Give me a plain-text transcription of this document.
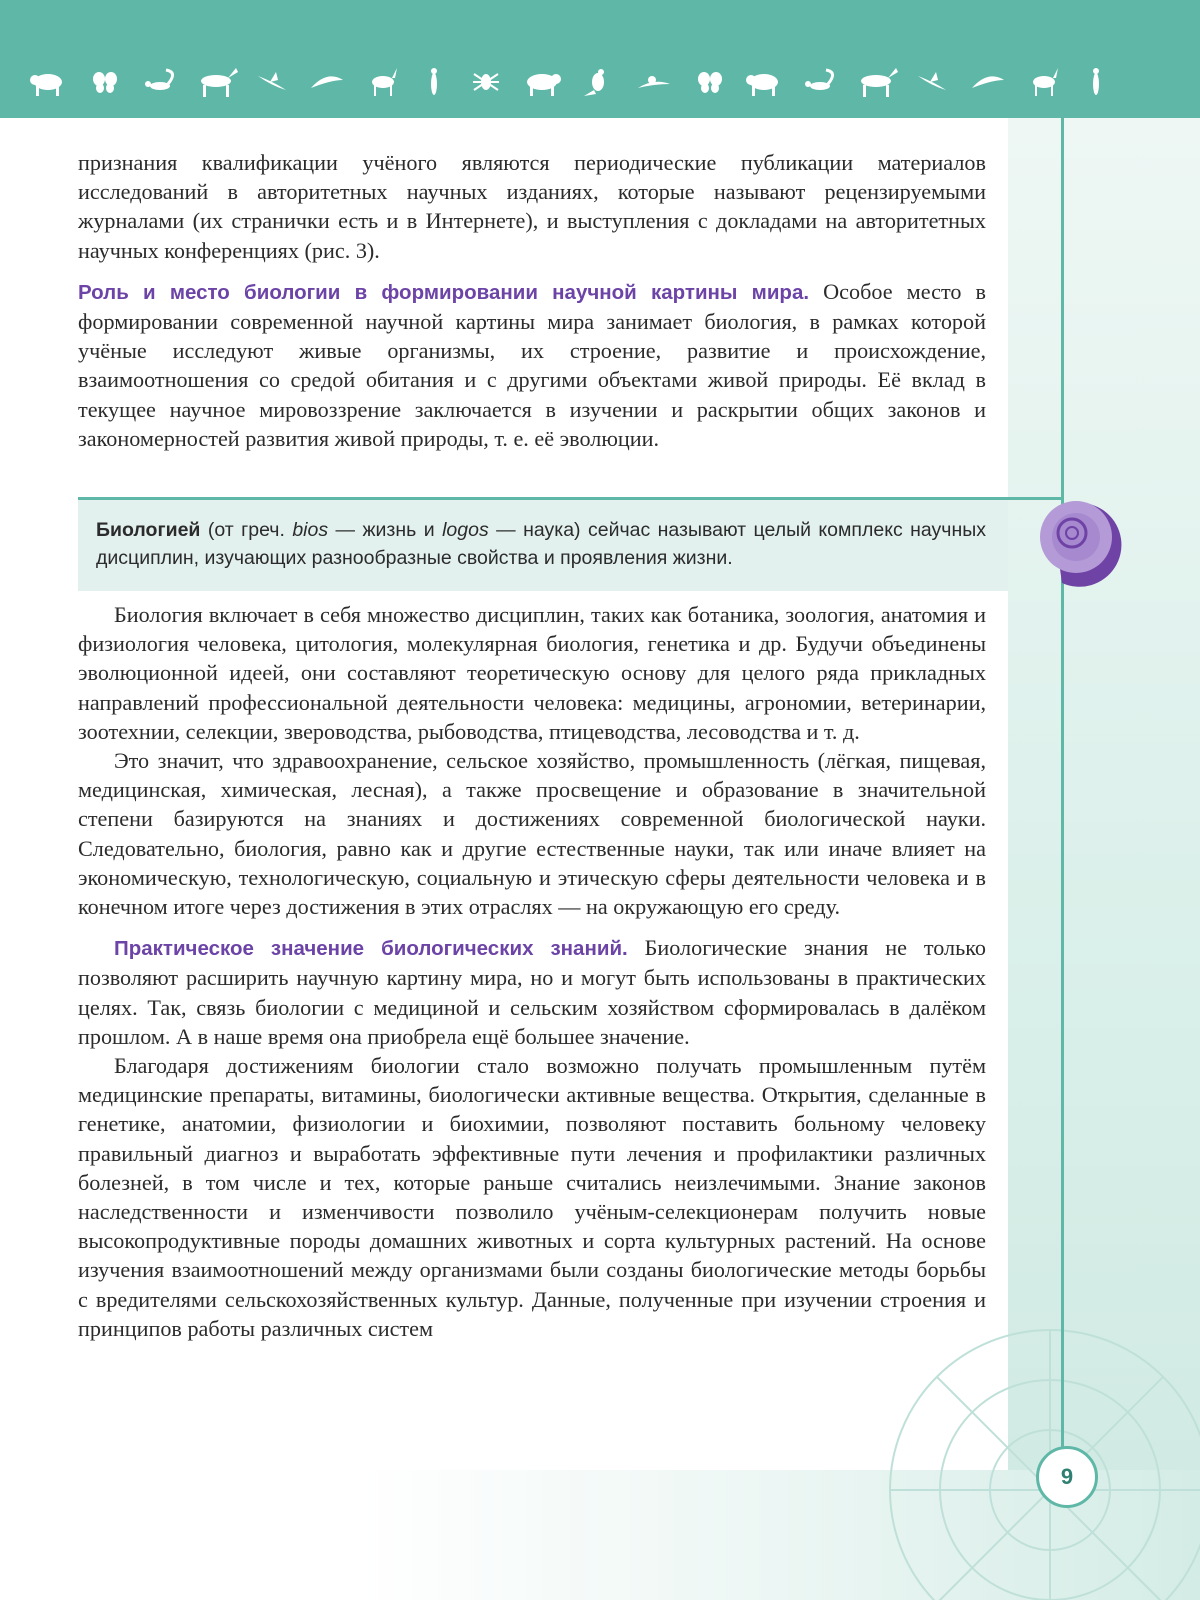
признания квалификации учёного являются периодические публикации материалов исследований в авторитетных научных изданиях, которые называют рецензируемыми журналами (их странички есть и в Интернете), и выступления с докладами на авторитетных научных конференциях (рис. 3).

Роль и место биологии в формировании научной картины мира. Особое место в формировании современной научной картины мира занимает биология, в рамках которой учёные исследуют живые организмы, их строение, развитие и происхождение, взаимоотношения со средой обитания и с другими объектами живой природы. Её вклад в текущее научное мировоззрение заключается в изучении и раскрытии общих законов и закономерностей развития живой природы, т. е. её эволюции.

Биологией (от греч. bios — жизнь и logos — наука) сейчас называют целый комплекс научных дисциплин, изучающих разнообразные свойства и проявления жизни.

Биология включает в себя множество дисциплин, таких как ботаника, зоология, анатомия и физиология человека, цитология, молекулярная биология, генетика и др. Будучи объединены эволюционной идеей, они составляют теоретическую основу для целого ряда прикладных направлений профессиональной деятельности человека: медицины, агрономии, ветеринарии, зоотехнии, селекции, звероводства, рыбоводства, птицеводства, лесоводства и т. д.

Это значит, что здравоохранение, сельское хозяйство, промышленность (лёгкая, пищевая, медицинская, химическая, лесная), а также просвещение и образование в значительной степени базируются на знаниях и достижениях современной биологической науки. Следовательно, биология, равно как и другие естественные науки, так или иначе влияет на экономическую, технологическую, социальную и этическую сферы деятельности человека и в конечном итоге через достижения в этих отраслях — на окружающую его среду.

Практическое значение биологических знаний. Биологические знания не только позволяют расширить научную картину мира, но и могут быть использованы в практических целях. Так, связь биологии с медициной и сельским хозяйством сформировалась в далёком прошлом. А в наше время она приобрела ещё большее значение.

Благодаря достижениям биологии стало возможно получать промышленным путём медицинские препараты, витамины, биологически активные вещества. Открытия, сделанные в генетике, анатомии, физиологии и биохимии, позволяют поставить больному человеку правильный диагноз и выработать эффективные пути лечения и профилактики различных болезней, в том числе и тех, которые раньше считались неизлечимыми. Знание законов наследственности и изменчивости позволило учёным-селекционерам получить новые высокопродуктивные породы домашних животных и сорта культурных растений. На основе изучения взаимоотношений между организмами были созданы биологические методы борьбы с вредителями сельскохозяйственных культур. Данные, полученные при изучении строения и принципов работы различных систем

9
